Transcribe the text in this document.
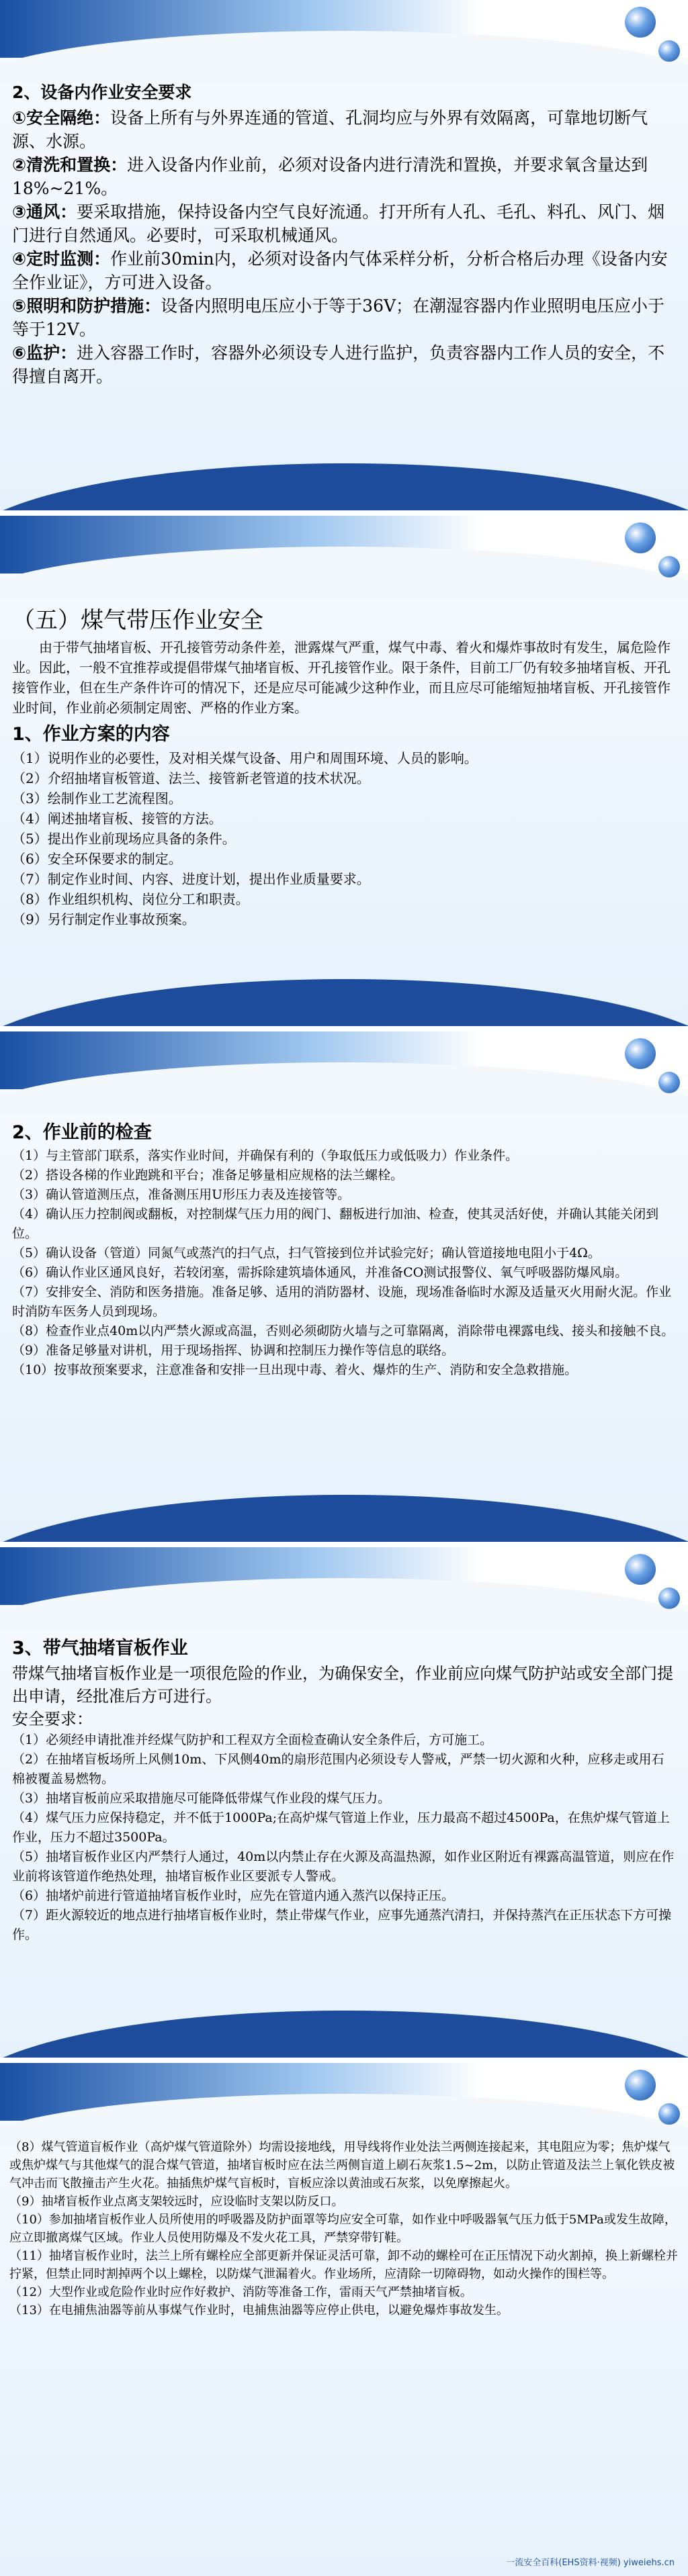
2、设备内作业安全要求

①安全隔绝：设备上所有与外界连通的管道、孔洞均应与外界有效隔离，可靠地切断气源、水源。

②清洗和置换：进入设备内作业前，必须对设备内进行清洗和置换，并要求氧含量达到18%~21%。

③通风：要采取措施，保持设备内空气良好流通。打开所有人孔、毛孔、料孔、风门、烟门进行自然通风。必要时，可采取机械通风。

④定时监测：作业前30min内，必须对设备内气体采样分析，分析合格后办理《设备内安全作业证》，方可进入设备。

⑤照明和防护措施：设备内照明电压应小于等于36V；在潮湿容器内作业照明电压应小于等于12V。

⑥监护：进入容器工作时，容器外必须设专人进行监护，负责容器内工作人员的安全，不得擅自离开。

（五）煤气带压作业安全

由于带气抽堵盲板、开孔接管劳动条件差，泄露煤气严重，煤气中毒、着火和爆炸事故时有发生，属危险作业。因此，一般不宜推荐或提倡带煤气抽堵盲板、开孔接管作业。限于条件，目前工厂仍有较多抽堵盲板、开孔接管作业，但在生产条件许可的情况下，还是应尽可能减少这种作业，而且应尽可能缩短抽堵盲板、开孔接管作业时间，作业前必须制定周密、严格的作业方案。

1、作业方案的内容

（1）说明作业的必要性，及对相关煤气设备、用户和周围环境、人员的影响。

（2）介绍抽堵盲板管道、法兰、接管新老管道的技术状况。

（3）绘制作业工艺流程图。

（4）阐述抽堵盲板、接管的方法。

（5）提出作业前现场应具备的条件。

（6）安全环保要求的制定。

（7）制定作业时间、内容、进度计划，提出作业质量要求。

（8）作业组织机构、岗位分工和职责。

（9）另行制定作业事故预案。

2、作业前的检查

（1）与主管部门联系，落实作业时间，并确保有利的（争取低压力或低吸力）作业条件。

（2）搭设各梯的作业跑跳和平台；准备足够量相应规格的法兰螺栓。

（3）确认管道测压点，准备测压用U形压力表及连接管等。

（4）确认压力控制阀或翻板，对控制煤气压力用的阀门、翻板进行加油、检查，使其灵活好使，并确认其能关闭到位。

（5）确认设备（管道）同氮气或蒸汽的扫气点，扫气管接到位并试验完好；确认管道接地电阻小于4Ω。

（6）确认作业区通风良好，若较闭塞，需拆除建筑墙体通风，并准备CO测试报警仪、氧气呼吸器防爆风扇。

（7）安排安全、消防和医务措施。准备足够、适用的消防器材、设施，现场准备临时水源及适量灭火用耐火泥。作业时消防车医务人员到现场。

（8）检查作业点40m以内严禁火源或高温，否则必须砌防火墙与之可靠隔离，消除带电裸露电线、接头和接触不良。

（9）准备足够量对讲机，用于现场指挥、协调和控制压力操作等信息的联络。

（10）按事故预案要求，注意准备和安排一旦出现中毒、着火、爆炸的生产、消防和安全急救措施。

3、带气抽堵盲板作业

带煤气抽堵盲板作业是一项很危险的作业，为确保安全，作业前应向煤气防护站或安全部门提出申请，经批准后方可进行。

安全要求：

（1）必须经申请批准并经煤气防护和工程双方全面检查确认安全条件后，方可施工。

（2）在抽堵盲板场所上风侧10m、下风侧40m的扇形范围内必须设专人警戒，严禁一切火源和火种，应移走或用石棉被覆盖易燃物。

（3）抽堵盲板前应采取措施尽可能降低带煤气作业段的煤气压力。

（4）煤气压力应保持稳定，并不低于1000Pa;在高炉煤气管道上作业，压力最高不超过4500Pa，在焦炉煤气管道上作业，压力不超过3500Pa。

（5）抽堵盲板作业区内严禁行人通过，40m以内禁止存在火源及高温热源，如作业区附近有裸露高温管道，则应在作业前将该管道作绝热处理，抽堵盲板作业区要派专人警戒。

（6）抽堵炉前进行管道抽堵盲板作业时，应先在管道内通入蒸汽以保持正压。

（7）距火源较近的地点进行抽堵盲板作业时，禁止带煤气作业，应事先通蒸汽清扫，并保持蒸汽在正压状态下方可操作。

（8）煤气管道盲板作业（高炉煤气管道除外）均需设接地线，用导线将作业处法兰两侧连接起来，其电阻应为零；焦炉煤气或焦炉煤气与其他煤气的混合煤气管道，抽堵盲板时应在法兰两侧盲道上刷石灰浆1.5~2m，以防止管道及法兰上氧化铁皮被气冲击而飞散撞击产生火花。抽插焦炉煤气盲板时，盲板应涂以黄油或石灰浆，以免摩擦起火。

（9）抽堵盲板作业点离支架较远时，应设临时支架以防反口。

（10）参加抽堵盲板作业人员所使用的呼吸器及防护面罩等均应安全可靠，如作业中呼吸器氧气压力低于5MPa或发生故障，应立即撤离煤气区域。作业人员使用防爆及不发火花工具，严禁穿带钉鞋。

（11）抽堵盲板作业时，法兰上所有螺栓应全部更新并保证灵活可靠，卸不动的螺栓可在正压情况下动火割掉，换上新螺栓并拧紧，但禁止同时割掉两个以上螺栓，以防煤气泄漏着火。作业场所，应清除一切障碍物，如动火操作的围栏等。

（12）大型作业或危险作业时应作好救护、消防等准备工作，雷雨天气严禁抽堵盲板。

（13）在电捕焦油器等前从事煤气作业时，电捕焦油器等应停止供电，以避免爆炸事故发生。

一流安全百科(EHS资料·视频) yiweiehs.cn
